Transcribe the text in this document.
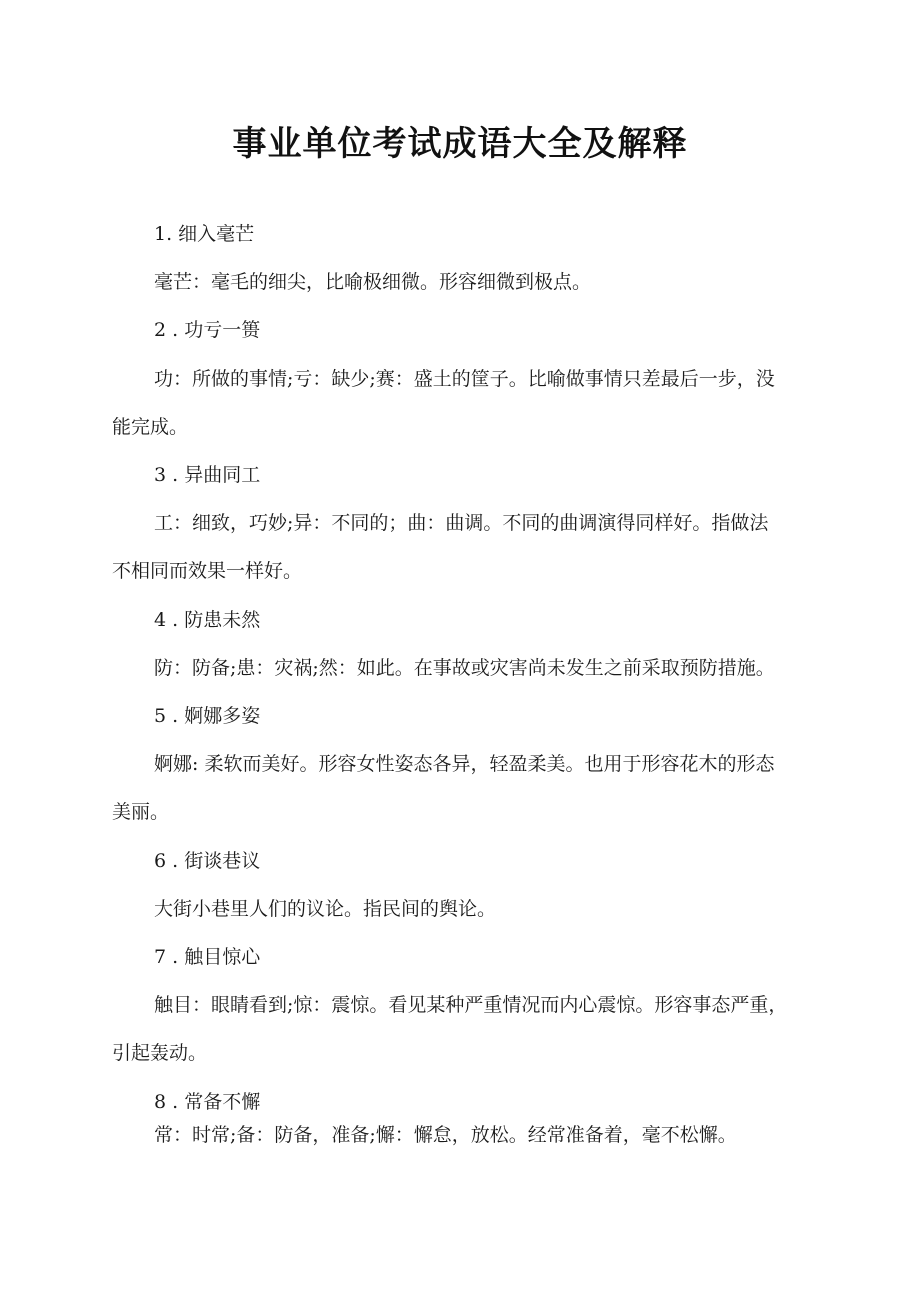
事业单位考试成语大全及解释

1. 细入毫芒

毫芒：毫毛的细尖，比喻极细微。形容细微到极点。

2 . 功亏一篑

功：所做的事情;亏：缺少;赛：盛土的筐子。比喻做事情只差最后一步，没

能完成。

3 . 异曲同工

工：细致，巧妙;异：不同的；曲：曲调。不同的曲调演得同样好。指做法

不相同而效果一样好。

4 . 防患未然

防：防备;患：灾祸;然：如此。在事故或灾害尚未发生之前采取预防措施。

5 . 婀娜多姿

婀娜: 柔软而美好。形容女性姿态各异，轻盈柔美。也用于形容花木的形态

美丽。

6 . 街谈巷议

大街小巷里人们的议论。指民间的舆论。

7 . 触目惊心

触目：眼睛看到;惊：震惊。看见某种严重情况而内心震惊。形容事态严重，

引起轰动。

8 . 常备不懈

常：时常;备：防备，准备;懈：懈怠，放松。经常准备着，毫不松懈。
